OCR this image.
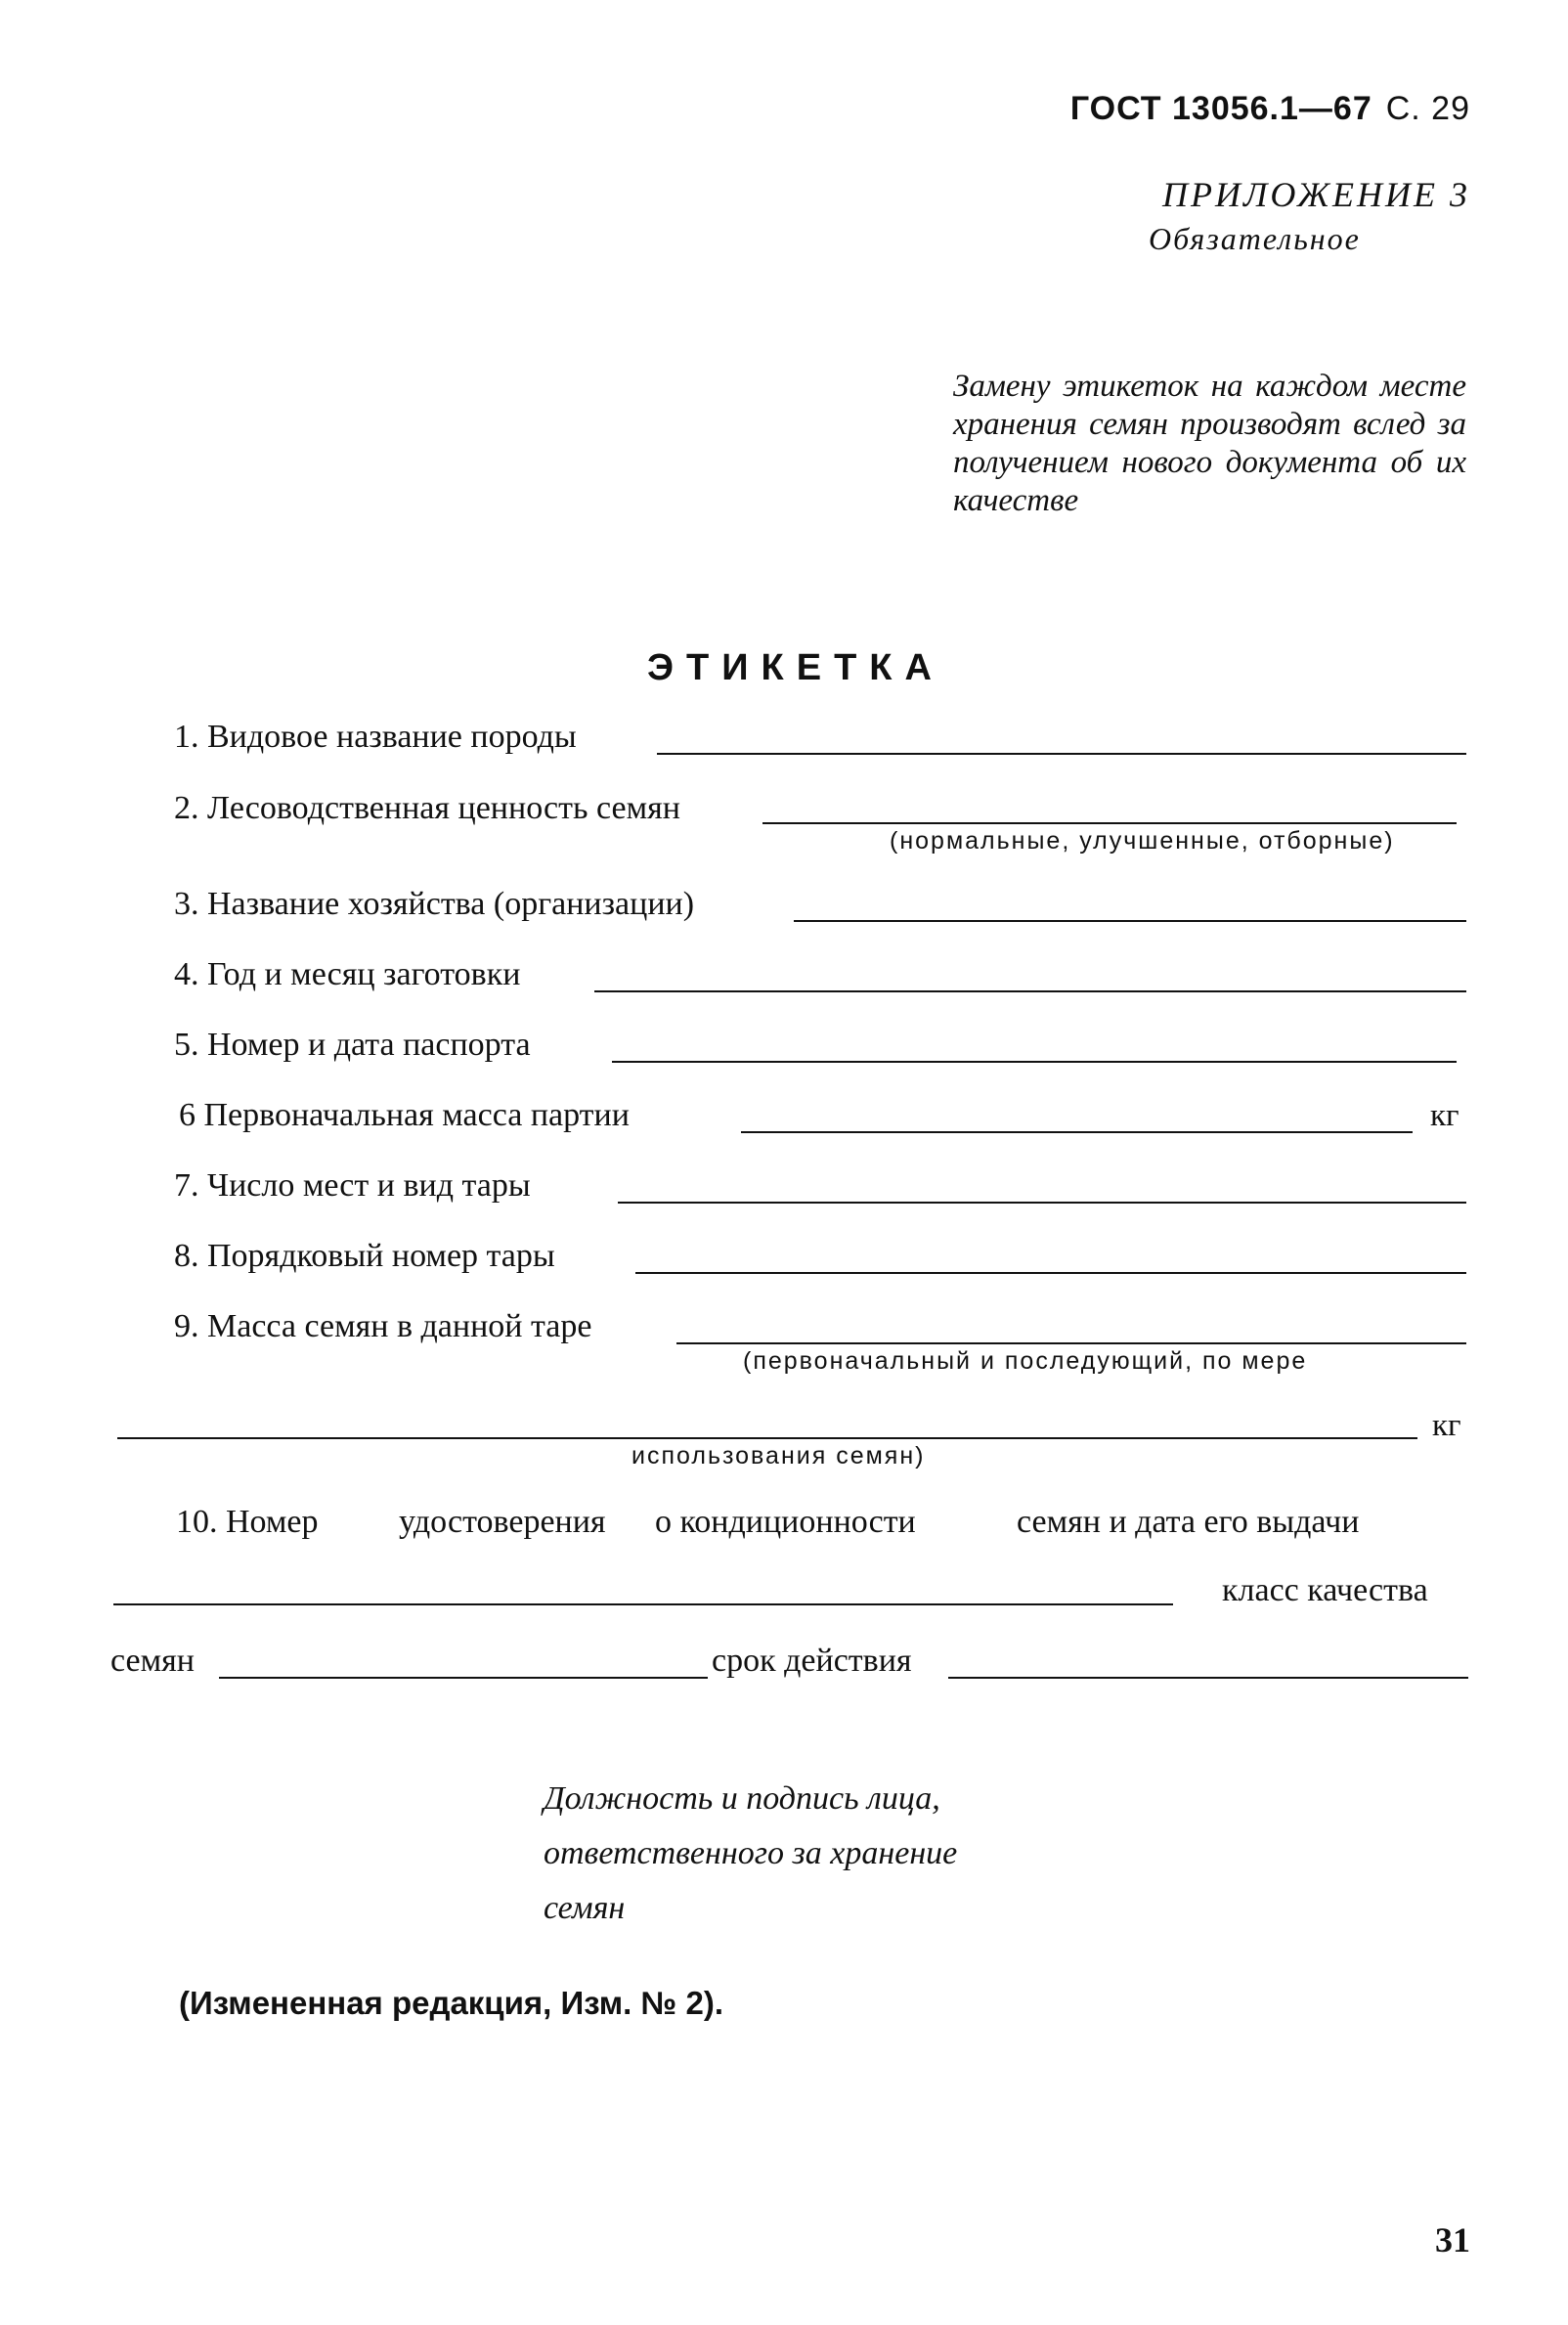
ГОСТ 13056.1—67 С. 29
ПРИЛОЖЕНИЕ 3
Обязательное
Замену этикеток на каждом месте хранения семян производят вслед за получением нового документа об их качестве
ЭТИКЕТКА
1. Видовое название породы
2. Лесоводственная ценность семян
(нормальные, улучшенные, отборные)
3. Название хозяйства (организации)
4. Год и месяц заготовки
5. Номер и дата паспорта
6 Первоначальная масса партии	кг
7. Число мест и вид тары
8. Порядковый номер тары
9. Масса семян в данной таре
(первоначальный и последующий, по мере
кг
использования семян)
10. Номер удостоверения о кондиционности	семян и дата его выдачи
класс качества
семян	срок действия
Должность и подпись лица,
ответственного за хранение
семян
(Измененная редакция, Изм. № 2).
31
